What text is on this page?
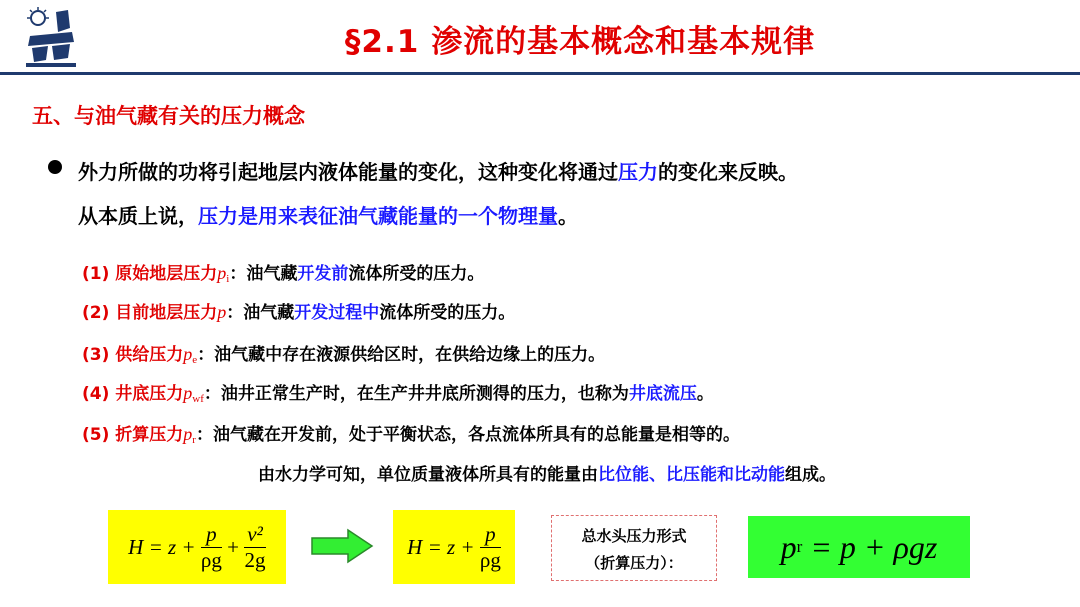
§2.1 渗流的基本概念和基本规律
五、与油气藏有关的压力概念
外力所做的功将引起地层内液体能量的变化，这种变化将通过压力的变化来反映。
从本质上说，压力是用来表征油气藏能量的一个物理量。
(1) 原始地层压力$p_i$：油气藏开发前流体所受的压力。
(2) 目前地层压力p：油气藏开发过程中流体所受的压力。
(3) 供给压力$p_e$：油气藏中存在液源供给区时，在供给边缘上的压力。
(4) 井底压力$p_{wf}$：油井正常生产时，在生产井井底所测得的压力，也称为井底流压。
(5) 折算压力$p_r$：油气藏在开发前，处于平衡状态，各点流体所具有的总能量是相等的。
由水力学可知，单位质量液体所具有的能量由比位能、比压能和比动能组成。
H = z +
$\frac{p}{\rho g}$
+
$\frac{\text{v²}}{2g}$	H = z +
$\frac{p}{\rho g}$	总水头压力形式
（折算压力）：	p r = p + ρgz
